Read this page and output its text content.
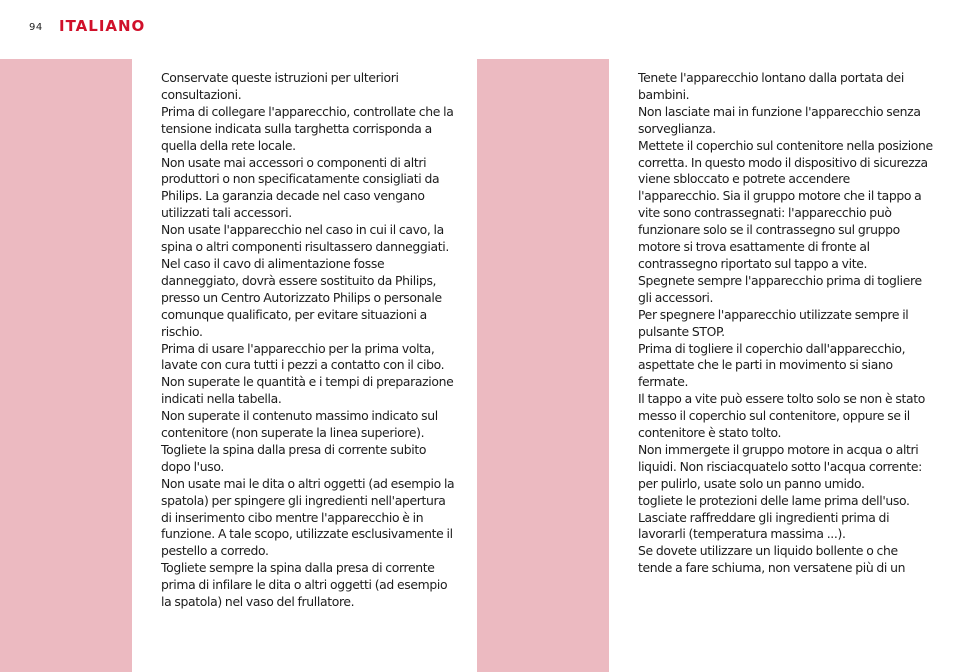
94 ITALIANO

Conservate queste istruzioni per ulteriori consultazioni.

Prima di collegare l'apparecchio, controllate che la tensione indicata sulla targhetta corrisponda a quella della rete locale.

Non usate mai accessori o componenti di altri produttori o non specificatamente consigliati da Philips. La garanzia decade nel caso vengano utilizzati tali accessori.

Non usate l'apparecchio nel caso in cui il cavo, la spina o altri componenti risultassero danneggiati.

Nel caso il cavo di alimentazione fosse danneggiato, dovrà essere sostituito da Philips, presso un Centro Autorizzato Philips o personale comunque qualificato, per evitare situazioni a rischio.

Prima di usare l'apparecchio per la prima volta, lavate con cura tutti i pezzi a contatto con il cibo.

Non superate le quantità e i tempi di preparazione indicati nella tabella.

Non superate il contenuto massimo indicato sul contenitore (non superate la linea superiore).

Togliete la spina dalla presa di corrente subito dopo l'uso.

Non usate mai le dita o altri oggetti (ad esempio la spatola) per spingere gli ingredienti nell'apertura di inserimento cibo mentre l'apparecchio è in funzione. A tale scopo, utilizzate esclusivamente il pestello a corredo.

Togliete sempre la spina dalla presa di corrente prima di infilare le dita o altri oggetti (ad esempio la spatola) nel vaso del frullatore.

Tenete l'apparecchio lontano dalla portata dei bambini.

Non lasciate mai in funzione l'apparecchio senza sorveglianza.

Mettete il coperchio sul contenitore nella posizione corretta. In questo modo il dispositivo di sicurezza viene sbloccato e potrete accendere l'apparecchio. Sia il gruppo motore che il tappo a vite sono contrassegnati: l'apparecchio può funzionare solo se il contrassegno sul gruppo motore si trova esattamente di fronte al contrassegno riportato sul tappo a vite.

Spegnete sempre l'apparecchio prima di togliere gli accessori.

Per spegnere l'apparecchio utilizzate sempre il pulsante STOP.

Prima di togliere il coperchio dall'apparecchio, aspettate che le parti in movimento si siano fermate.

Il tappo a vite può essere tolto solo se non è stato messo il coperchio sul contenitore, oppure se il contenitore è stato tolto.

Non immergete il gruppo motore in acqua o altri liquidi. Non risciacquatelo sotto l'acqua corrente: per pulirlo, usate solo un panno umido.

togliete le protezioni delle lame prima dell'uso.

Lasciate raffreddare gli ingredienti prima di lavorarli (temperatura massima ...).

Se dovete utilizzare un liquido bollente o che tende a fare schiuma, non versatene più di un
